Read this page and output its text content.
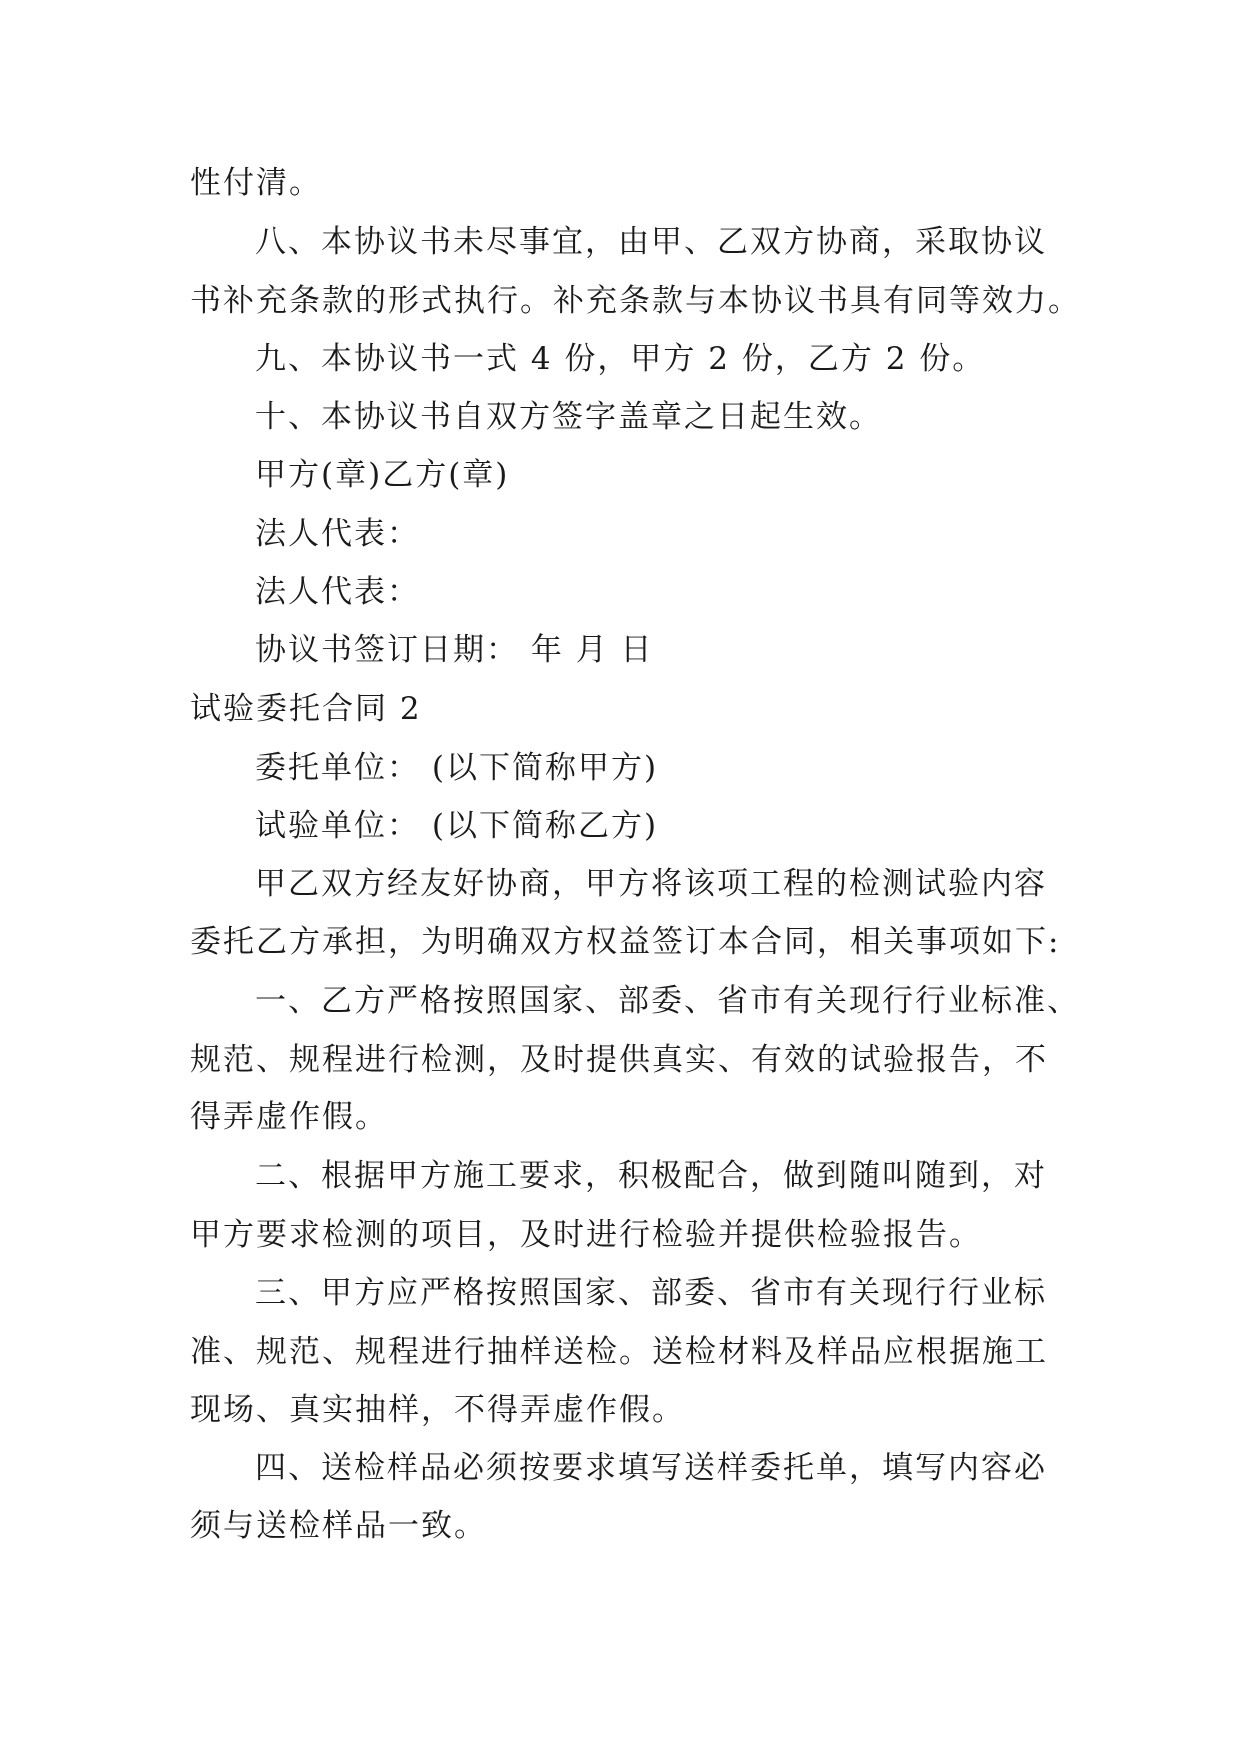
性付清。
八、本协议书未尽事宜，由甲、乙双方协商，采取协议
书补充条款的形式执行。补充条款与本协议书具有同等效力。
九、本协议书一式 4 份，甲方 2 份，乙方 2 份。
十、本协议书自双方签字盖章之日起生效。
甲方(章)乙方(章)
法人代表：
法人代表：
协议书签订日期： 年 月 日
试验委托合同 2
委托单位： (以下简称甲方)
试验单位： (以下简称乙方)
甲乙双方经友好协商，甲方将该项工程的检测试验内容
委托乙方承担，为明确双方权益签订本合同，相关事项如下:
一、乙方严格按照国家、部委、省市有关现行行业标准、
规范、规程进行检测，及时提供真实、有效的试验报告，不
得弄虚作假。
二、根据甲方施工要求，积极配合，做到随叫随到，对
甲方要求检测的项目，及时进行检验并提供检验报告。
三、甲方应严格按照国家、部委、省市有关现行行业标
准、规范、规程进行抽样送检。送检材料及样品应根据施工
现场、真实抽样，不得弄虚作假。
四、送检样品必须按要求填写送样委托单，填写内容必
须与送检样品一致。
